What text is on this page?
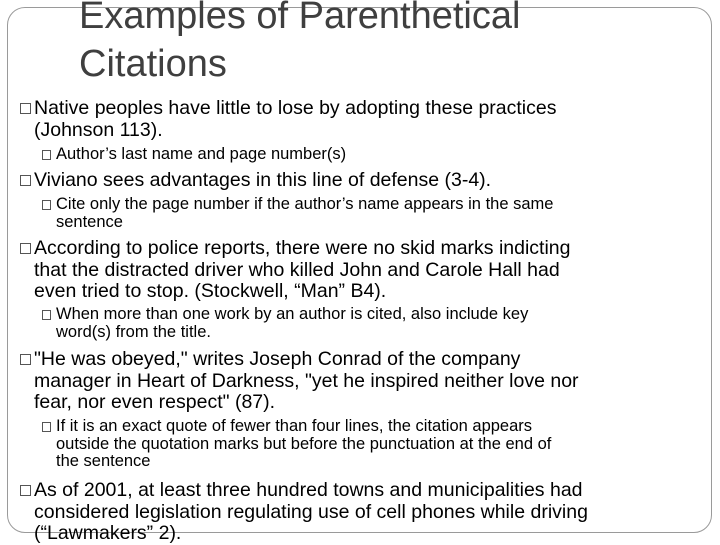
Examples of Parenthetical
Citations
Native peoples have little to lose by adopting these practices
(Johnson 113).
Author’s last name and page number(s)
Viviano sees advantages in this line of defense (3-4).
Cite only the page number if the author’s name appears in the same
sentence
According to police reports, there were no skid marks indicting
that the distracted driver who killed John and Carole Hall had
even tried to stop. (Stockwell, “Man” B4).
When more than one work by an author is cited, also include key
word(s) from the title.
"He was obeyed," writes Joseph Conrad of the company
manager in Heart of Darkness, "yet he inspired neither love nor
fear, nor even respect" (87).
If it is an exact quote of fewer than four lines, the citation appears
outside the quotation marks but before the punctuation at the end of
the sentence
As of 2001, at least three hundred towns and municipalities had
considered legislation regulating use of cell phones while driving
(“Lawmakers” 2).
